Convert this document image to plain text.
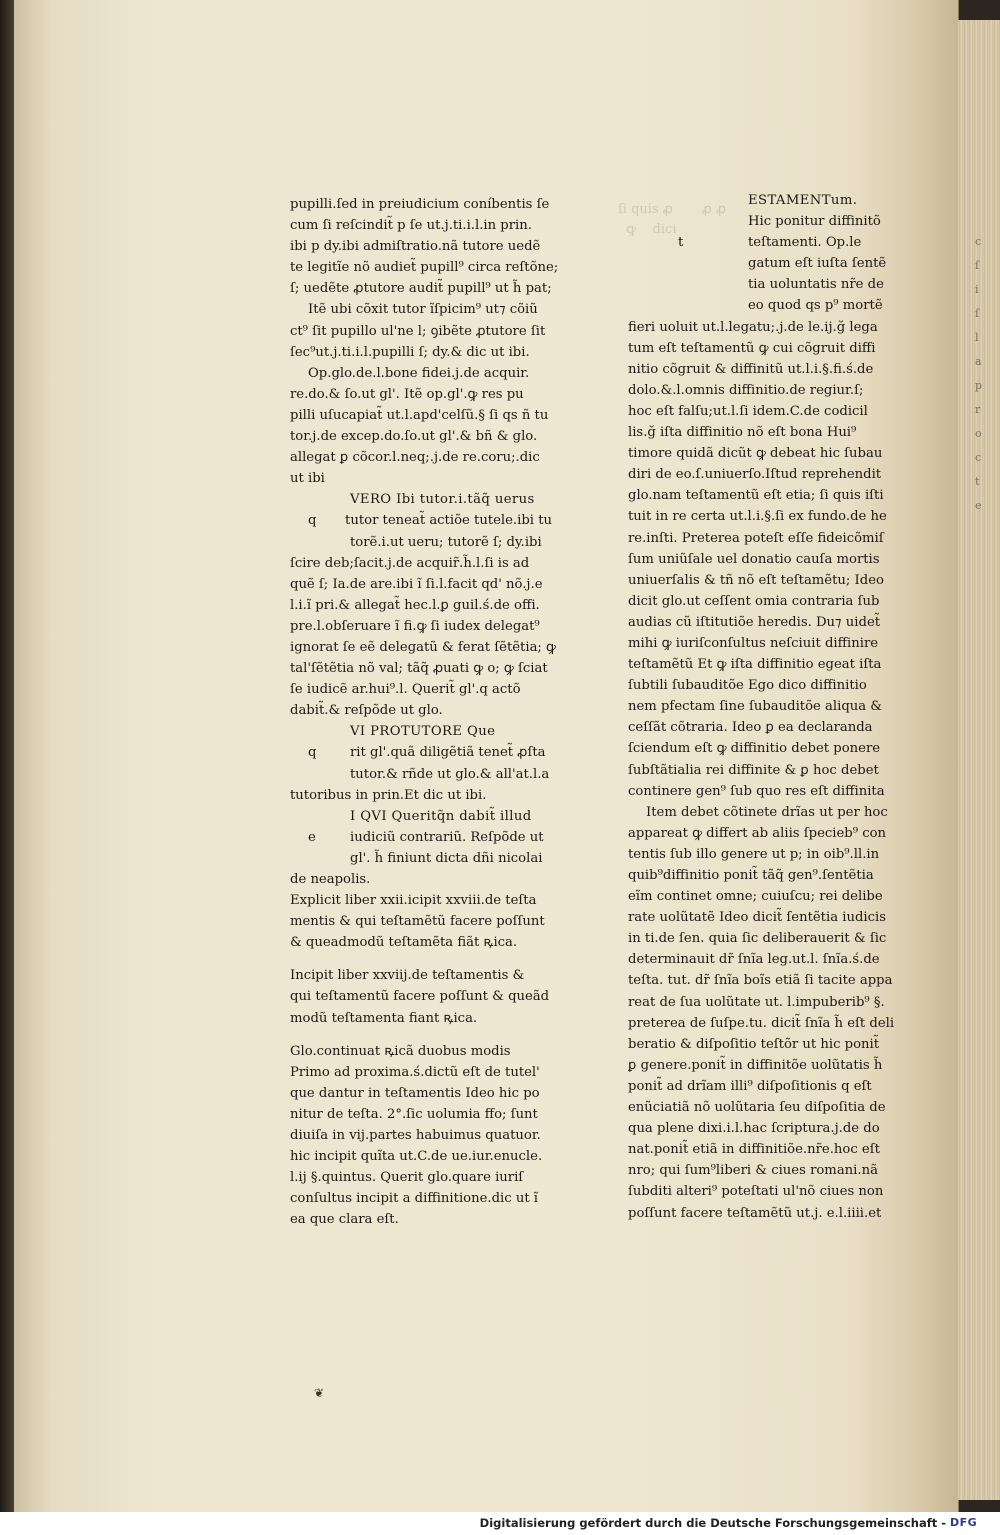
ſi quis ꝓ       ꝓ ꝓ
ꝙ    dici
pupilli.ſed in preiudicium coníbentis ſe
cum ſi reſcindit̃ p ſe ut.j.ti.i.l.in prin.
ibi p dy.ibi admiſtratio.nã tutore uedẽ
te legitĩe nõ audiet̃ pupill⁹ circa reſtõne;
ſ; uedẽte ꝓtutore audit̃ pupill⁹ ut h̃ pat;
Itẽ ubi cõxit tutor ĩſpicim⁹ ut⁊ cõiũ
ct⁹ ſit pupillo ul'ne l; ꝯibẽte ꝓtutore ſit
ſec⁹ut.j.ti.i.l.pupilli ſ; dy.& dic ut ibi.
Op.glo.de.l.bone fidei.j.de acquir.
re.do.& ſo.ut gl'. Itẽ op.gl'.ꝙ res pu
pilli uſucapiat̃ ut.l.apd'celſũ.§ ſi qs ñ tu
tor.j.de excep.do.ſo.ut gl'.& bñ & glo.
allegat ꝑ cõcor.l.neq;.j.de re.coru;.dic
ut ibi
VERO Ibi tutor.i.tãq̃ uerus
q	tutor teneat̃ actiõe tutele.ibi tu
torẽ.i.ut ueru; tutorẽ ſ; dy.ibi
ſcire deb;ſacit.j.de acquir̃.h̃.l.ſi is ad
quẽ ſ; Ia.de are.ibi ĩ ſi.l.facit qd' nõ.j.e
l.i.ĩ pri.& allegat̃ hec.l.ꝑ guil.ś.de offi.
pre.l.obſeruare ĩ fi.ꝙ ſi iudex delegat⁹
ignorat ſe eẽ delegatũ & ferat ſẽtẽtia; ꝙ
tal'ſẽtẽtia nõ val; tãq̃ ꝓuati ꝙ o; ꝙ ſciat
ſe iudicẽ ar.hui⁹.l. Querit̃ gl'.q actõ
dabit̃.& reſpõde ut glo.
VI PROTUTORE Que
q	rit gl'.quã diligẽtiã tenet̃ ꝓſta
tutor.& rñde ut glo.& all'at.l.a
tutoribus in prin.Et dic ut ibi.
I QVI Queritq̃n dabit̃ illud
e	iudiciũ contrariũ. Reſpõde ut
gl'. h̃ finiunt dicta dñi nicolai
de neapolis.
Explicit liber xxii.icipit xxviii.de teſta
mentis & qui teſtamẽtũ facere poſſunt
& queadmodũ teſtamẽta fiãt ꝶica.
Incipit liber xxviij.de teſtamentis &
qui teſtamentũ facere poſſunt & queãd
modũ teſtamenta fiant ꝶica.
Glo.continuat ꝶicã duobus modis
Primo ad proxima.ś.dictũ eſt de tutel'
que dantur in teſtamentis Ideo hic po
nitur de teſta. 2°.ſic uolumia ffo; ſunt
diuiſa in vij.partes habuimus quatuor.
hic incipit quĩta ut.C.de ue.iur.enucle.
l.ij §.quintus. Querit glo.quare iuriſ
conſultus incipit a diffinitione.dic ut ĩ
ea que clara eſt.
ESTAMENTum.
Hic ponitur diffinitõ
t	teſtamenti. Op.le
gatum eſt iuſta ſentẽ
tia uoluntatis nr̃e de
eo quod qs p⁹ mortẽ
fieri uoluit ut.l.legatu;.j.de le.ij.ğ lega
tum eſt teſtamentũ ꝙ cui cõgruit diffi
nitio cõgruit & diffinitũ ut.l.i.§.fi.ś.de
dolo.&.l.omnis diffinitio.de regiur.ſ;
hoc eſt falſu;ut.l.ſi idem.C.de codicil
lis.ğ iſta diffinitio nõ eſt bona Hui⁹
timore quidã dicũt ꝙ debeat hic ſubau
diri de eo.ſ.uniuerſo.Iſtud reprehendit
glo.nam teſtamentũ eſt etia; ſi quis iſti
tuit in re certa ut.l.i.§.ſi ex fundo.de he
re.inſti. Preterea poteſt eſſe fideicõmiſ
ſum uniũſale uel donatio cauſa mortis
uniuerſalis & tñ nõ eſt teſtamẽtu; Ideo
dicit glo.ut ceſſent omia contraria ſub
audias cũ iſtitutiõe heredis. Du⁊ uidet̃
mihi ꝙ iuriſconſultus neſciuit diffinire
teſtamẽtũ Et ꝙ iſta diffinitio egeat iſta
ſubtili ſubauditõe Ego dico diffinitio
nem pfectam ſine ſubauditõe aliqua &
ceſſãt cõtraria. Ideo ꝑ ea declaranda
ſciendum eſt ꝙ diffinitio debet ponere
ſubſtãtialia rei diffinite & ꝑ hoc debet
continere gen⁹ ſub quo res eſt diffinita
Item debet cõtinete drĩas ut per hoc
appareat ꝙ differt ab aliis ſpecieb⁹ con
tentis ſub illo genere ut p; in oib⁹.ll.in
quib⁹diffinitio ponit̃ tãq̃ gen⁹.ſentẽtia
eĩm continet omne; cuiuſcu; rei delibe
rate uolũtatẽ Ideo dicit̃ ſentẽtia iudicis
in ti.de ſen. quia ſic deliberauerit & ſic
determinauit dr̃ ſnĩa leg.ut.l. ſnĩa.ś.de
teſta. tut. dr̃ ſnĩa boĩs etiã ſi tacite appa
reat de ſua uolũtate ut. l.impuberib⁹ §.
preterea de ſuſpe.tu. dicit̃ ſnĩa h̃ eſt deli
beratio & diſpoſitio teſtõr ut hic ponit̃
ꝑ genere.ponit̃ in diffinitõe uolũtatis h̃
ponit̃ ad drĩam illi⁹ diſpoſitionis q eſt
enũciatiã nõ uolũtaria ſeu diſpoſitia de
qua plene dixi.i.l.hac ſcriptura.j.de do
nat.ponit̃ etiã in diffinitiõe.nr̃e.hoc eſt
nro; qui ſum⁹liberi & ciues romani.nã
ſubditi alteri⁹ poteſtati ul'nõ ciues non
poſſunt facere teſtamẽtũ ut.j. e.l.iiii.et
c
ſ
i
ſ
l
a
p
r
o
c
t
e
❦
Digitalisierung gefördert durch die Deutsche Forschungsgemeinschaft - DFG
